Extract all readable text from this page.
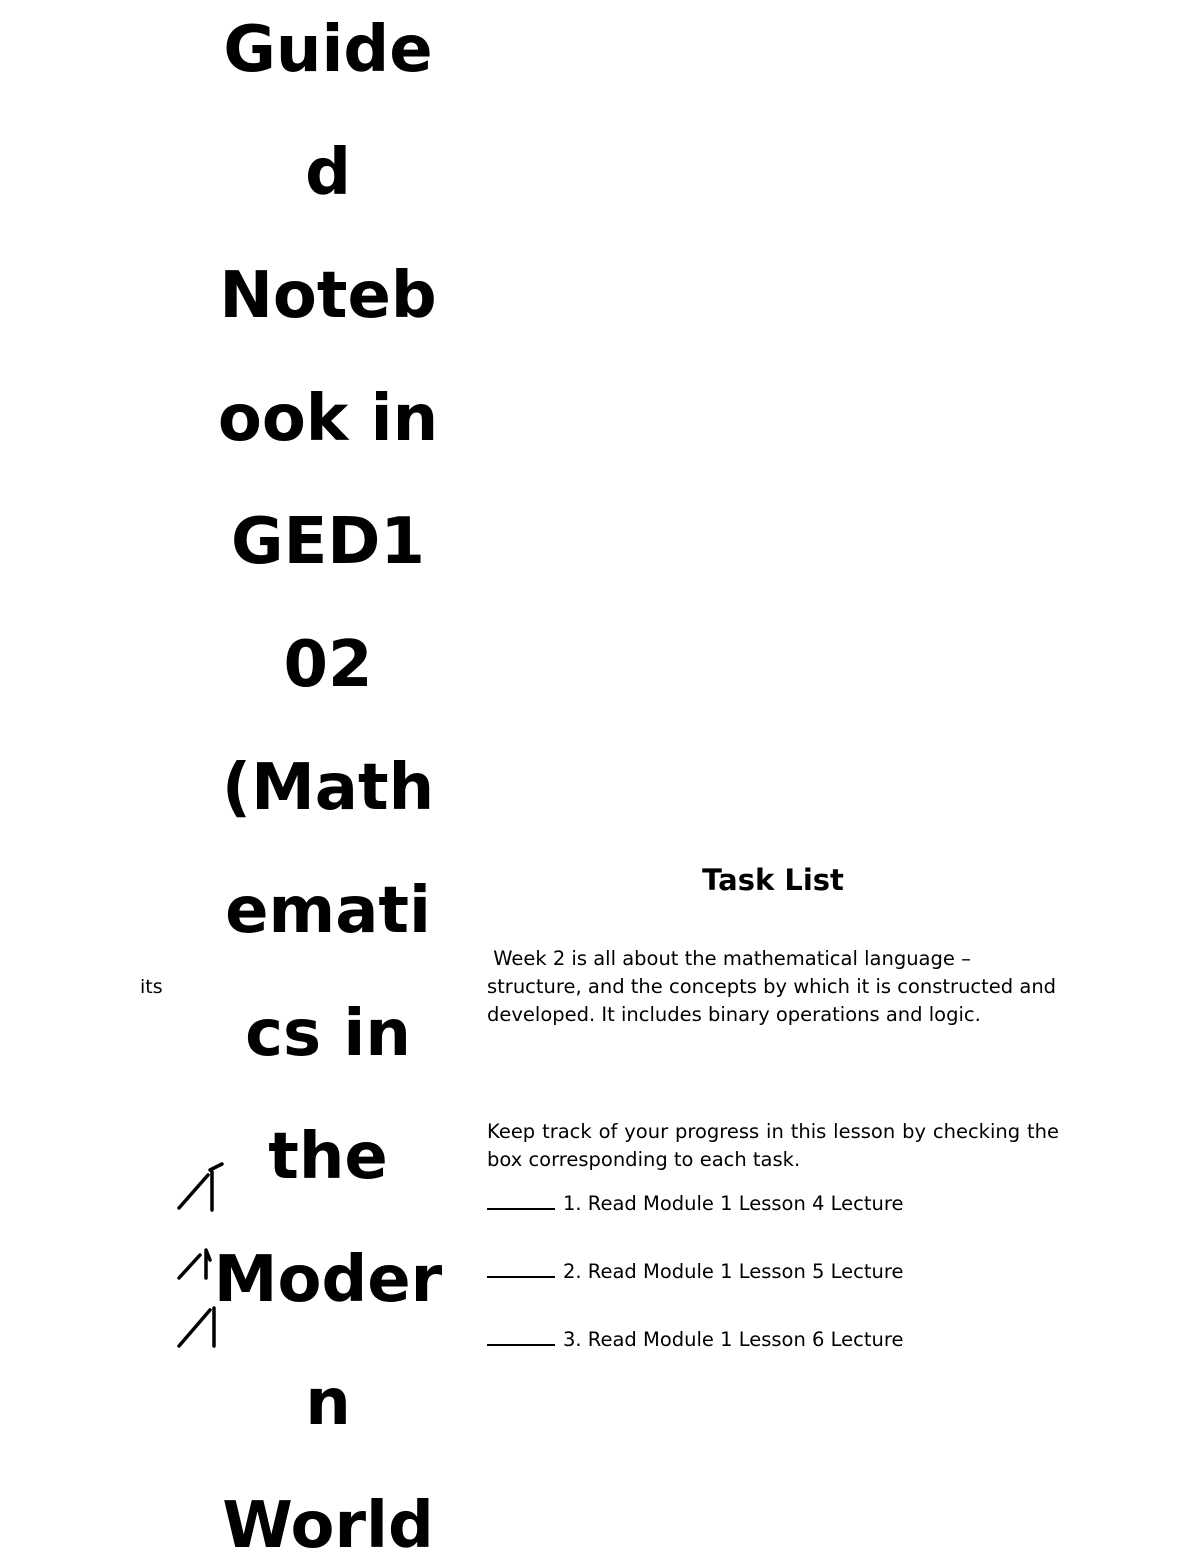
Guide
d
Noteb
ook in
GED1
02
(Math
emati
cs in
the
Moder
n
World
its
Task List
Week 2 is all about the mathematical language – structure, and the concepts by which it is constructed and developed. It includes binary operations and logic.
Keep track of your progress in this lesson by checking the box corresponding to each task.
1. Read Module 1 Lesson 4 Lecture
2. Read Module 1 Lesson 5 Lecture
3. Read Module 1 Lesson 6 Lecture
